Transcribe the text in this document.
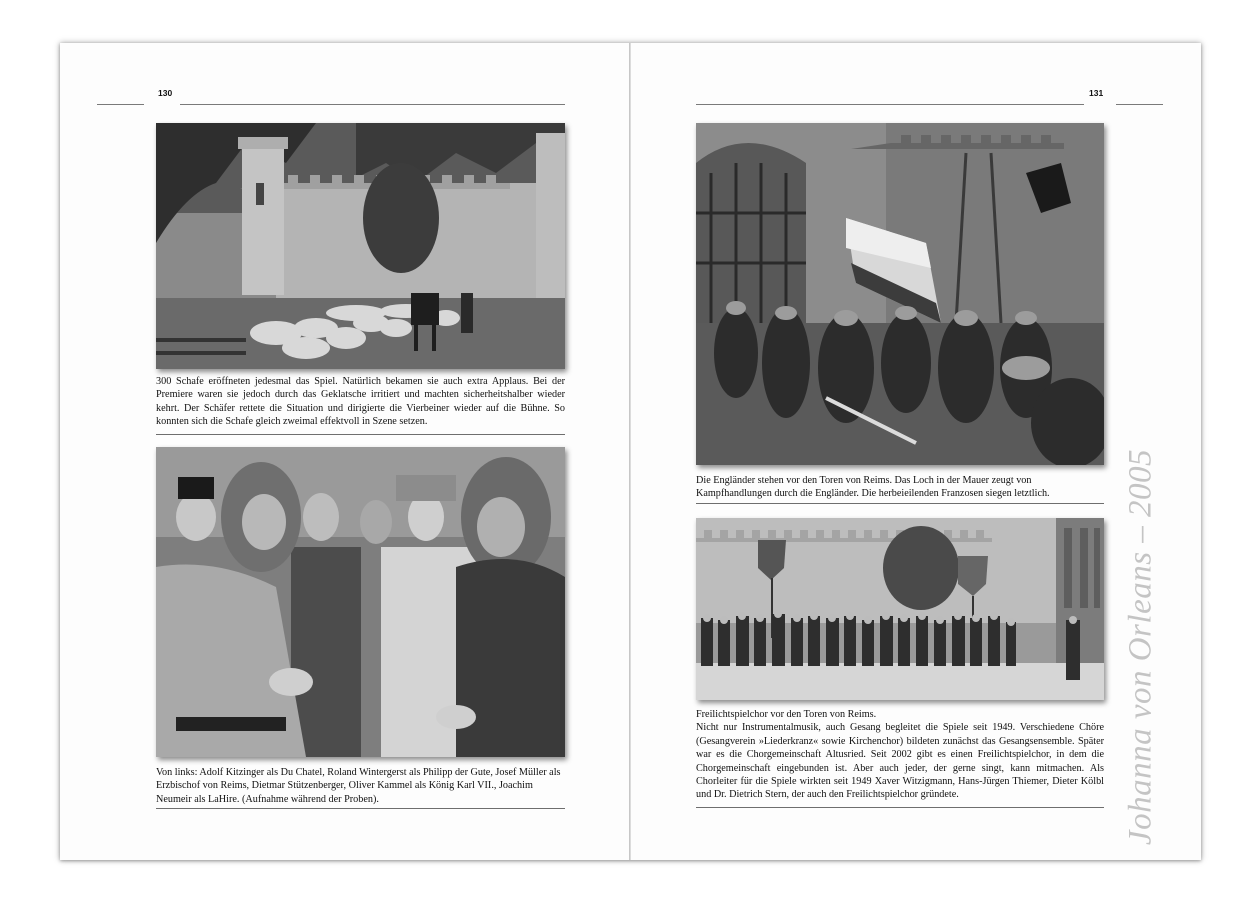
130

300 Schafe eröffneten jedesmal das Spiel. Natürlich bekamen sie auch extra Applaus. Bei der Premiere waren sie jedoch durch das Geklatsche irritiert und machten sicherheitshalber wieder kehrt. Der Schäfer rettete die Situation und dirigierte die Vierbeiner wieder auf die Bühne. So konnten sich die Schafe gleich zweimal effektvoll in Szene setzen.

Von links: Adolf Kitzinger als Du Chatel, Roland Wintergerst als Philipp der Gute, Josef Müller als Erzbischof von Reims, Dietmar Stützenberger, Oliver Kammel als König Karl VII., Joachim Neumeir als LaHire. (Aufnahme während der Proben).

131

Die Engländer stehen vor den Toren von Reims. Das Loch in der Mauer zeugt von Kampfhandlungen durch die Engländer. Die herbeieilenden Franzosen siegen letztlich.

Freilichtspielchor vor den Toren von Reims.

Nicht nur Instrumentalmusik, auch Gesang begleitet die Spiele seit 1949. Verschiedene Chöre (Gesangverein »Liederkranz« sowie Kirchenchor) bildeten zunächst das Gesangsensemble. Später war es die Chorgemeinschaft Altusried. Seit 2002 gibt es einen Freilichtspielchor, in dem die Chorgemeinschaft eingebunden ist. Aber auch jeder, der gerne singt, kann mitmachen. Als Chorleiter für die Spiele wirkten seit 1949 Xaver Witzigmann, Hans-Jürgen Thiemer, Dieter Kölbl und Dr. Dietrich Stern, der auch den Freilichtspielchor gründete.	Johanna von Orleans – 2005
